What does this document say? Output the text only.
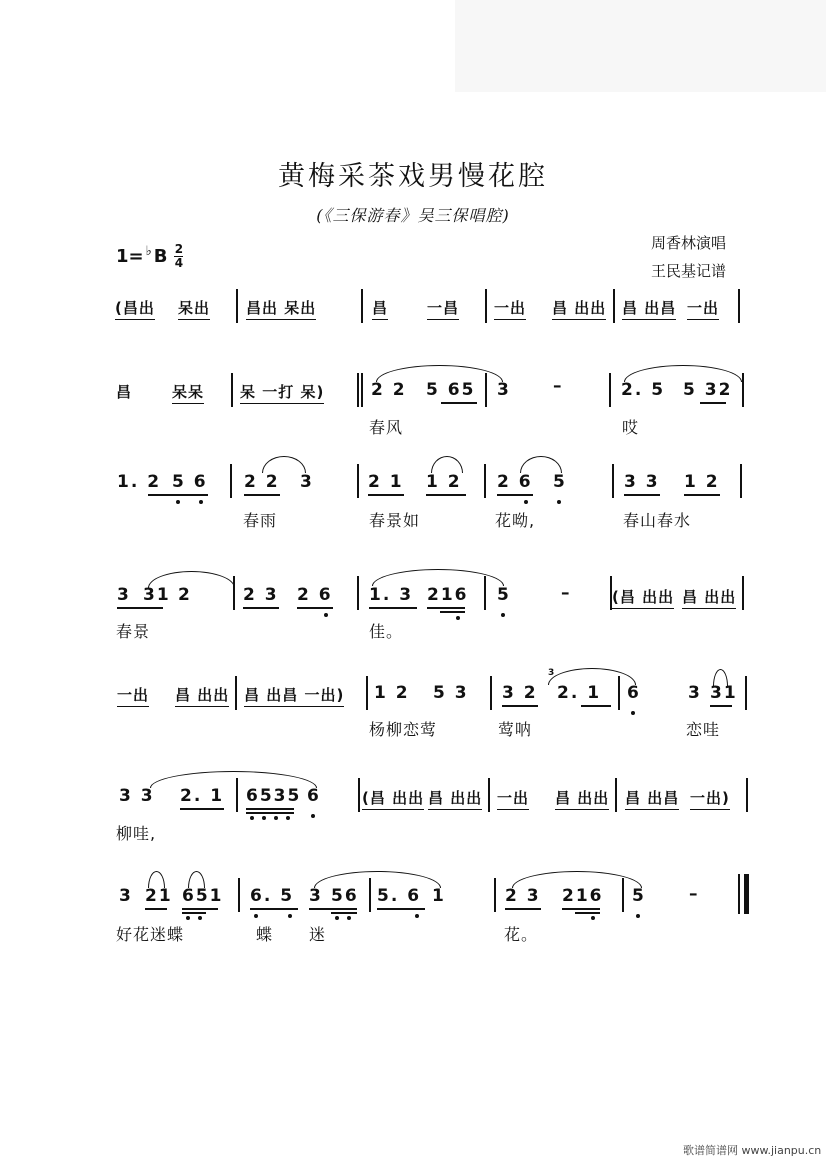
黄梅采茶戏男慢花腔
(《三保游春》吴三保唱腔)
1= ♭ B 2
4
周香林演唱
王民基记谱
(昌出 呆出 昌出 呆出	昌	一昌 一出 昌 出出 昌 出昌 一出
昌	呆呆 呆 一打 呆)	2 2 5 65 3 –	2. 5 5 32
春风	哎
1. 2 5 6 2 2 3	2 1 1 2 2 6 5	3 3 1 2
春雨	春景如	花呦,	春山春水
3 31 2	2 3 2 6 1. 3 216 5	–	(昌 出出 昌 出出
春景	佳。
一出 昌 出出 昌 出昌 一出) 1 2 5 3 3 2
3
2. 1 6	3 31
杨柳恋莺	莺呐	恋哇
3 3 2. 1 6535 6	(昌 出出 昌 出出 一出 昌 出出 昌 出昌 一出)
柳哇,
3 21 651 6. 5 3 56 5. 6 1	2 3 216 5	–
好花迷蝶	蝶 迷	花。
歌谱简谱网 www.jianpu.cn
